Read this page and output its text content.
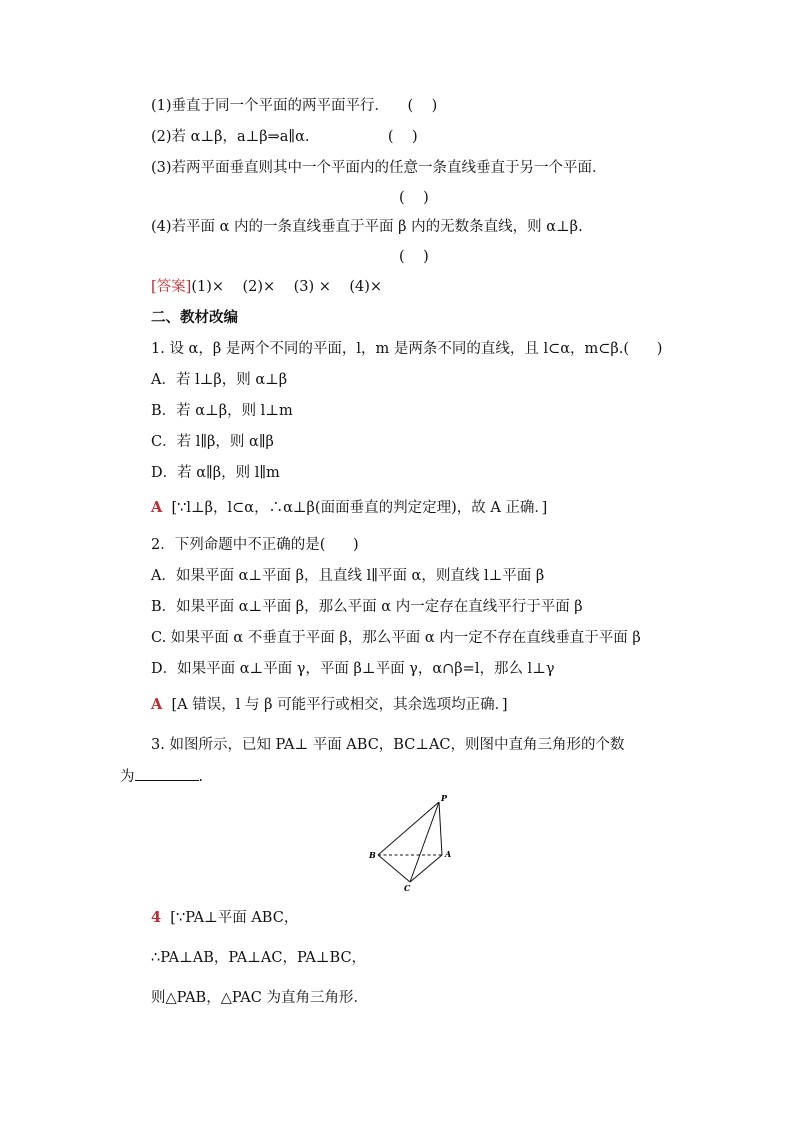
(1)垂直于同一个平面的两平面平行．    (    )
(2)若 α⊥β，a⊥β⇒a∥α.                 (    )
(3)若两平面垂直则其中一个平面内的任意一条直线垂直于另一个平面．
(    )
(4)若平面 α 内的一条直线垂直于平面 β 内的无数条直线，则 α⊥β.
(    )
[答案](1)×    (2)×    (3) ×    (4)×
二、教材改编
1. 设 α，β 是两个不同的平面，l，m 是两条不同的直线，且 l⊂α，m⊂β.(      )
A．若 l⊥β，则 α⊥β
B．若 α⊥β，则 l⊥m
C．若 l∥β，则 α∥β
D．若 α∥β，则 l∥m
A  [∵l⊥β，l⊂α，∴α⊥β(面面垂直的判定定理)，故 A 正确．]
2．下列命题中不正确的是(      )
A．如果平面 α⊥平面 β，且直线 l∥平面 α，则直线 l⊥平面 β
B．如果平面 α⊥平面 β，那么平面 α 内一定存在直线平行于平面 β
C. 如果平面 α 不垂直于平面 β，那么平面 α 内一定不存在直线垂直于平面 β
D．如果平面 α⊥平面 γ，平面 β⊥平面 γ，α∩β=l，那么 l⊥γ
A  [A 错误，l 与 β 可能平行或相交，其余选项均正确．]
3. 如图所示，已知 PA⊥ 平面 ABC，BC⊥AC，则图中直角三角形的个数
为	.
P
A
B
C
4  [∵PA⊥平面 ABC，
∴PA⊥AB，PA⊥AC，PA⊥BC，
则△PAB，△PAC 为直角三角形．
